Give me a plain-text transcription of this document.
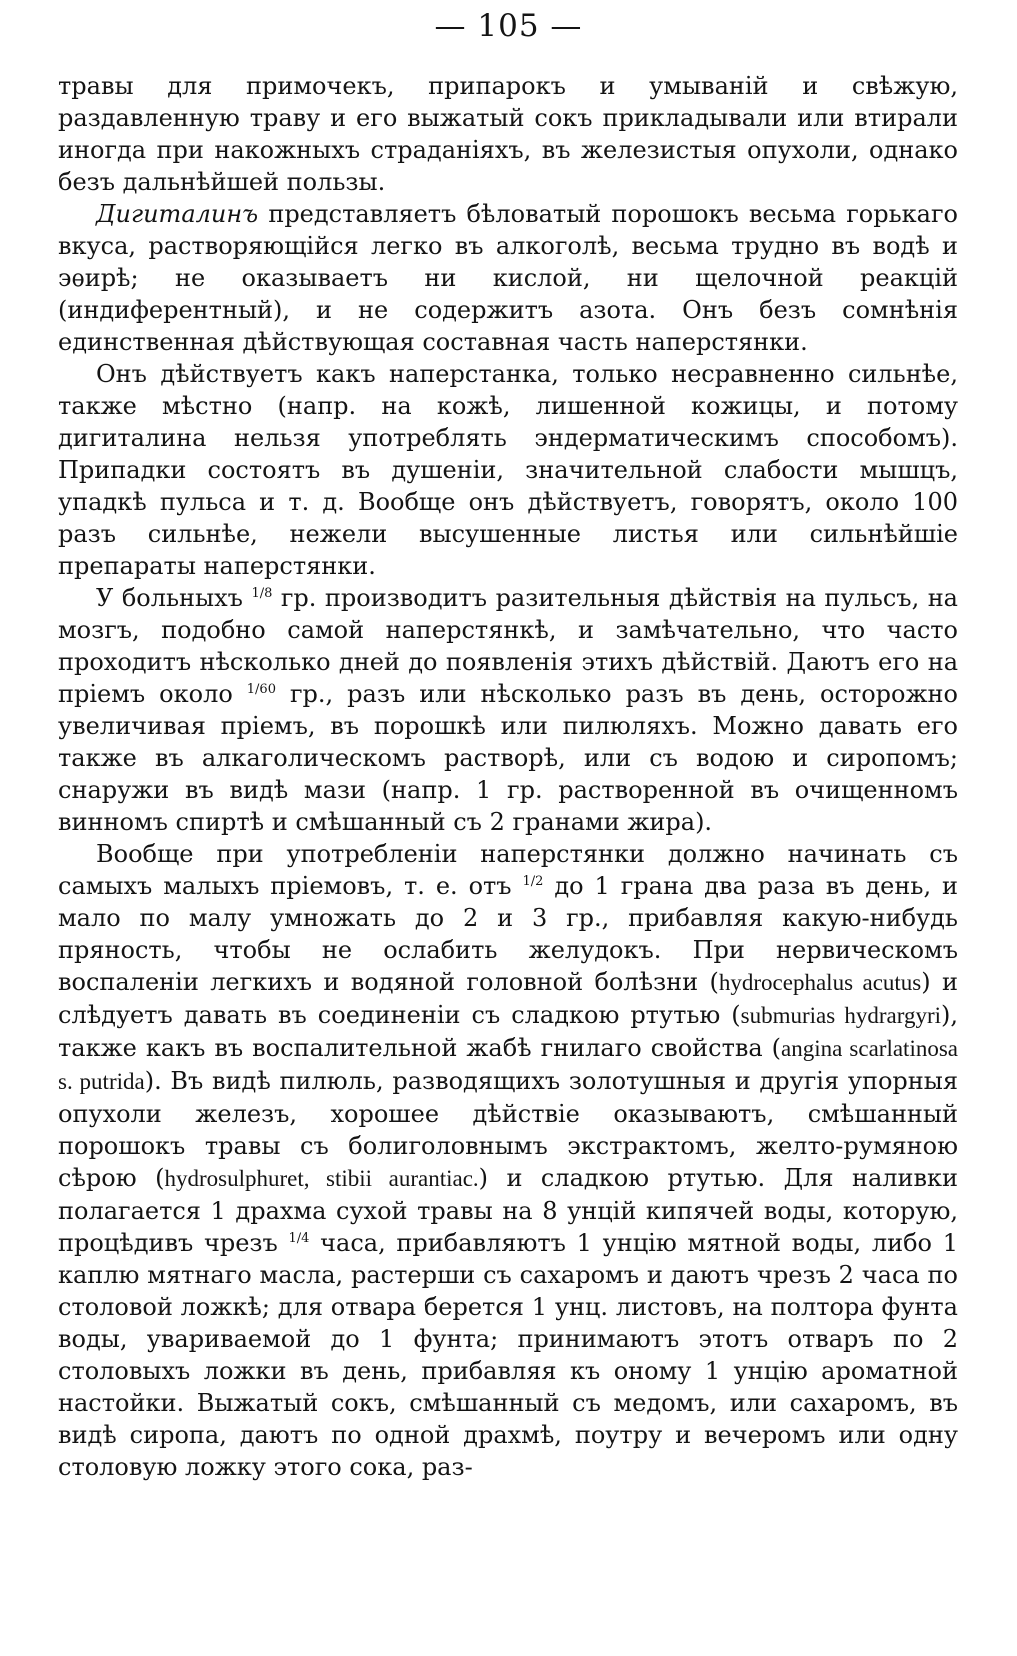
— 105 —

травы для примочекъ, припарокъ и умываній и свѣжую, раздавленную траву и его выжатый сокъ прикладывали или втирали иногда при накожныхъ страданіяхъ, въ железистыя опухоли, однако безъ дальнѣйшей пользы.

Дигиталинъ представляетъ бѣловатый порошокъ весьма горькаго вкуса, растворяющійся легко въ алкоголѣ, весьма трудно въ водѣ и эѳирѣ; не оказываетъ ни кислой, ни щелочной реакцій (индиферентный), и не содержитъ азота. Онъ безъ сомнѣнія единственная дѣйствующая составная часть наперстянки.

Онъ дѣйствуетъ какъ наперстанка, только несравненно сильнѣе, также мѣстно (напр. на кожѣ, лишенной кожицы, и потому дигиталина нельзя употреблять эндерматическимъ способомъ). Припадки состоятъ въ душеніи, значительной слабости мышцъ, упадкѣ пульса и т. д. Вообще онъ дѣйствуетъ, говорятъ, около 100 разъ сильнѣе, нежели высушенные листья или сильнѣйшіе препараты наперстянки.

У больныхъ $^{1/8}$ гр. производитъ разительныя дѣйствія на пульсъ, на мозгъ, подобно самой наперстянкѣ, и замѣчательно, что часто проходитъ нѣсколько дней до появленія этихъ дѣйствій. Даютъ его на пріемъ около $^{1/60}$ гр., разъ или нѣсколько разъ въ день, осторожно увеличивая пріемъ, въ порошкѣ или пилюляхъ. Можно давать его также въ алкаголическомъ растворѣ, или съ водою и сиропомъ; снаружи въ видѣ мази (напр. 1 гр. растворенной въ очищенномъ винномъ спиртѣ и смѣшанный съ 2 гранами жира).

Вообще при употребленіи наперстянки должно начинать съ самыхъ малыхъ пріемовъ, т. е. отъ $^{1/2}$ до 1 грана два раза въ день, и мало по малу умножать до 2 и 3 гр., прибавляя какую-нибудь пряность, чтобы не ослабить желудокъ. При нервическомъ воспаленіи легкихъ и водяной головной болѣзни (hydrocephalus acutus) и слѣдуетъ давать въ соединеніи съ сладкою ртутью (submurias hydrargyri), также какъ въ воспалительной жабѣ гнилаго свойства (angina scarlatinosa s. putrida). Въ видѣ пилюль, разводящихъ золотушныя и другія упорныя опухоли железъ, хорошее дѣйствіе оказываютъ, смѣшанный порошокъ травы съ болиголовнымъ экстрактомъ, желто-румяною сѣрою (hydrosulphuret, stibii aurantiac.) и сладкою ртутью. Для наливки полагается 1 драхма сухой травы на 8 унцій кипячей воды, которую, процѣдивъ чрезъ $^{1/4}$ часа, прибавляютъ 1 унцію мятной воды, либо 1 каплю мятнаго масла, растерши съ сахаромъ и даютъ чрезъ 2 часа по столовой ложкѣ; для отвара берется 1 унц. листовъ, на полтора фунта воды, увариваемой до 1 фунта; принимаютъ этотъ отваръ по 2 столовыхъ ложки въ день, прибавляя къ оному 1 унцію ароматной настойки. Выжатый сокъ, смѣшанный съ медомъ, или сахаромъ, въ видѣ сиропа, даютъ по одной драхмѣ, поутру и вечеромъ или одну столовую ложку этого сока, раз-
